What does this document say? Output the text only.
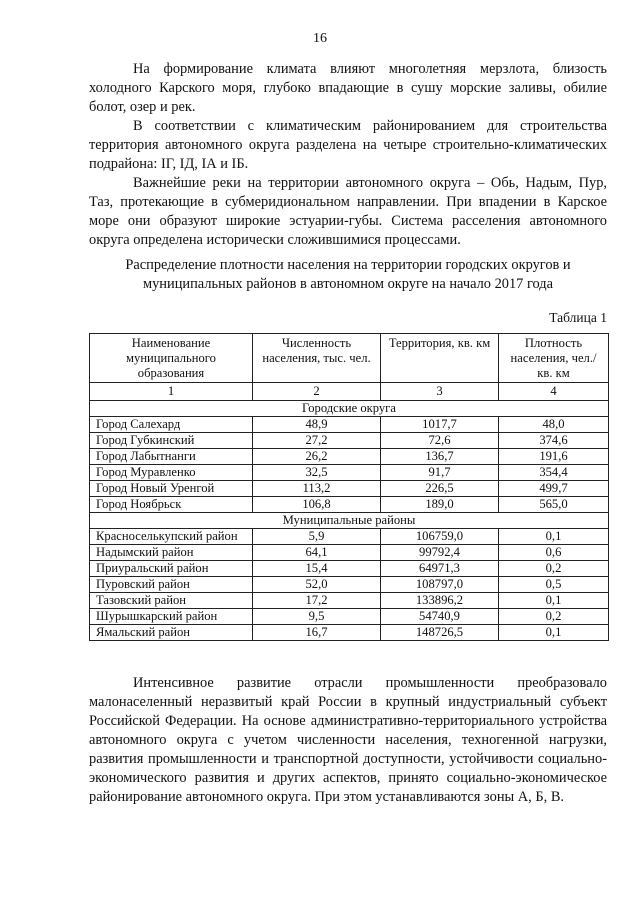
16

На формирование климата влияют многолетняя мерзлота, близость холодного Карского моря, глубоко впадающие в сушу морские заливы, обилие болот, озер и рек.

В соответствии с климатическим районированием для строительства территория автономного округа разделена на четыре строительно-климатических подрайона: IГ, IД, IА и IБ.

Важнейшие реки на территории автономного округа – Обь, Надым, Пур, Таз, протекающие в субмеридиональном направлении. При впадении в Карское море они образуют широкие эстуарии-губы. Система расселения автономного округа определена исторически сложившимися процессами.

Распределение плотности населения на территории городских округов и
муниципальных районов в автономном округе на начало 2017 года
Таблица 1
Наименование муниципального образования	Численность населения, тыс. чел.	Территория, кв. км	Плотность населения, чел./кв. км
1	2	3	4
Городские округа			
Город Салехард	48,9	1017,7	48,0
Город Губкинский	27,2	72,6	374,6
Город Лабытнанги	26,2	136,7	191,6
Город Муравленко	32,5	91,7	354,4
Город Новый Уренгой	113,2	226,5	499,7
Город Ноябрьск	106,8	189,0	565,0
Муниципальные районы			
Красноселькупский район	5,9	106759,0	0,1
Надымский район	64,1	99792,4	0,6
Приуральский район	15,4	64971,3	0,2
Пуровский район	52,0	108797,0	0,5
Тазовский район	17,2	133896,2	0,1
Шурышкарский район	9,5	54740,9	0,2
Ямальский район	16,7	148726,5	0,1

Интенсивное развитие отрасли промышленности преобразовало малонаселенный неразвитый край России в крупный индустриальный субъект Российской Федерации. На основе административно-территориального устройства автономного округа с учетом численности населения, техногенной нагрузки, развития промышленности и транспортной доступности, устойчивости социально-экономического развития и других аспектов, принято социально-экономическое районирование автономного округа. При этом устанавливаются зоны А, Б, В.
